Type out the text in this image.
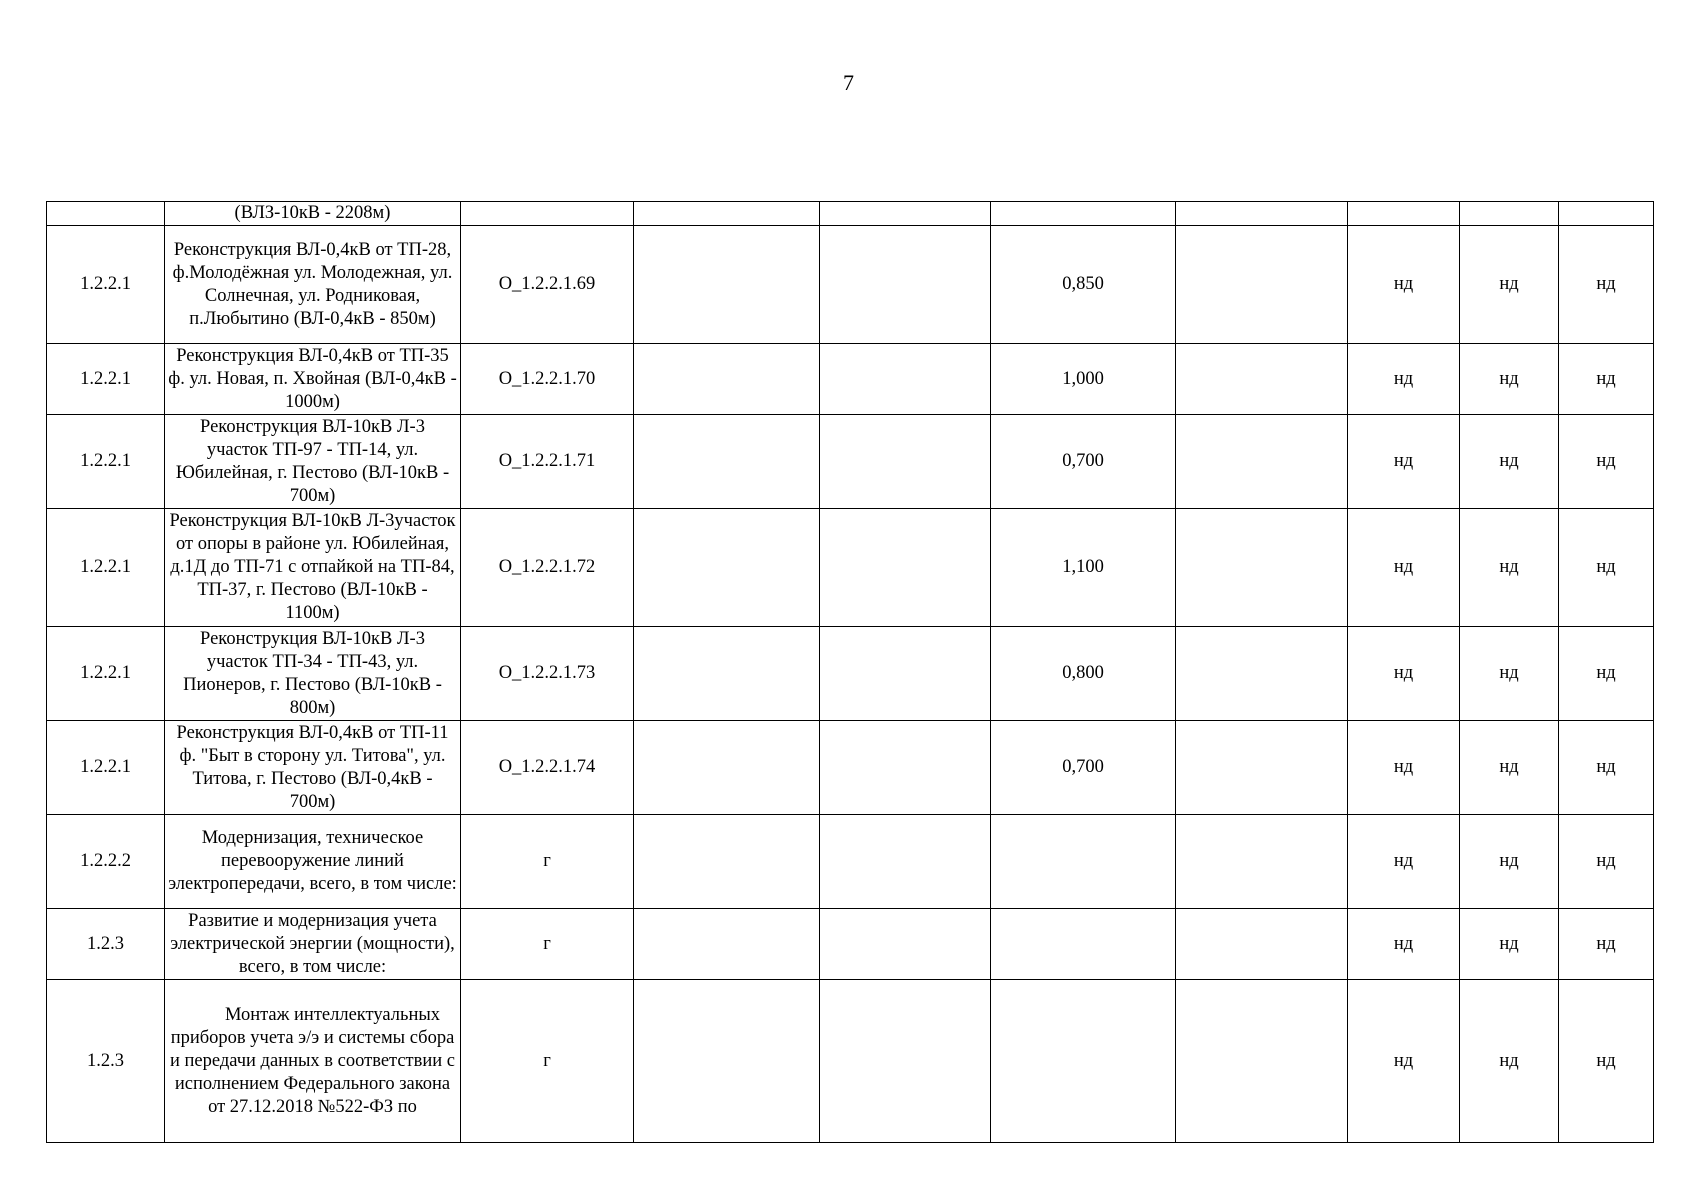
7
	(ВЛЗ-10кВ - 2208м)								
1.2.2.1	Реконструкция ВЛ-0,4кВ от ТП-28, ф.Молодёжная ул. Молодежная, ул. Солнечная, ул. Родниковая, п.Любытино (ВЛ-0,4кВ - 850м)	О_1.2.2.1.69			0,850		нд	нд	нд
1.2.2.1	Реконструкция ВЛ-0,4кВ от ТП-35 ф. ул. Новая, п. Хвойная (ВЛ-0,4кВ - 1000м)	О_1.2.2.1.70			1,000		нд	нд	нд
1.2.2.1	Реконструкция ВЛ-10кВ Л-3 участок ТП-97 - ТП-14, ул. Юбилейная, г. Пестово (ВЛ-10кВ - 700м)	О_1.2.2.1.71			0,700		нд	нд	нд
1.2.2.1	Реконструкция ВЛ-10кВ Л-3участок от опоры в районе ул. Юбилейная, д.1Д до ТП-71 с отпайкой на ТП-84, ТП-37, г. Пестово (ВЛ-10кВ - 1100м)	О_1.2.2.1.72			1,100		нд	нд	нд
1.2.2.1	Реконструкция ВЛ-10кВ Л-3 участок ТП-34 - ТП-43, ул. Пионеров, г. Пестово (ВЛ-10кВ - 800м)	О_1.2.2.1.73			0,800		нд	нд	нд
1.2.2.1	Реконструкция ВЛ-0,4кВ от ТП-11 ф. "Быт в сторону ул. Титова", ул. Титова, г. Пестово (ВЛ-0,4кВ - 700м)	О_1.2.2.1.74			0,700		нд	нд	нд
1.2.2.2	Модернизация, техническое перевооружение линий электропередачи, всего, в том числе:	г					нд	нд	нд
1.2.3	Развитие и модернизация учета электрической энергии (мощности), всего, в том числе:	г					нд	нд	нд
1.2.3	Монтаж интеллектуальных приборов учета э/э и системы сбора и передачи данных в соответствии с исполнением Федерального закона от 27.12.2018 №522-ФЗ по	г					нд	нд	нд
